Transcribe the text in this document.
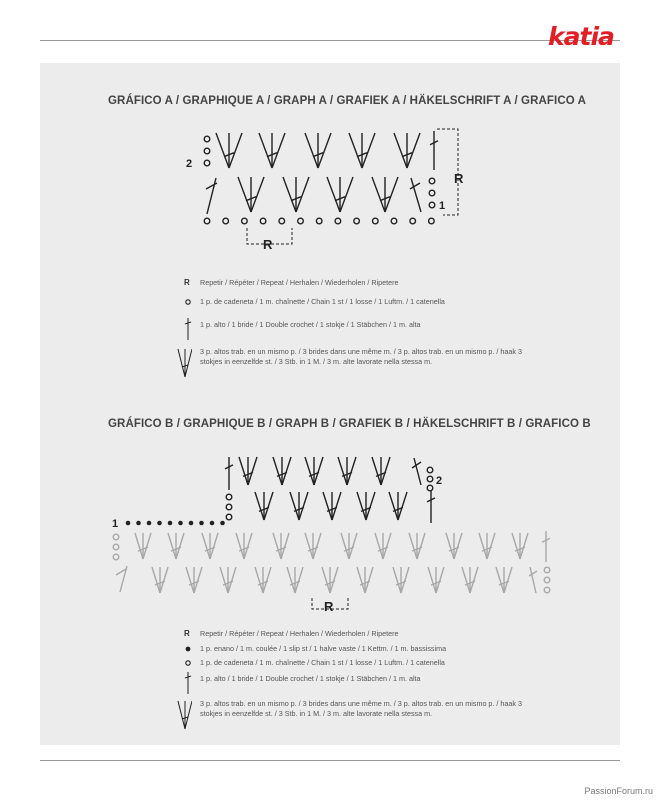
katia
GRÁFICO A / GRAPHIQUE A / GRAPH A / GRAFIEK A / HÄKELSCHRIFT A / GRAFICO A
GRÁFICO B / GRAPHIQUE B / GRAPH B / GRAFIEK B / HÄKELSCHRIFT B / GRAFICO B
2
1
R
R
2
1
R
R	Repetir / Répéter / Repeat / Herhalen / Wiederholen / Ripetere
1 p. de cadeneta / 1 m. chaînette / Chain 1 st / 1 losse / 1 Luftm. / 1 catenella
1 p. alto / 1 bride / 1 Double crochet / 1 stokje / 1 Stäbchen / 1 m. alta
3 p. altos trab. en un mismo p. / 3 brides dans une même m. / 3 p. altos trab. en un mismo p. / haak 3
stokjes in eenzelfde st. / 3 Stb. in 1 M. / 3 m. alte lavorate nella stessa m.
R	Repetir / Répéter / Repeat / Herhalen / Wiederholen / Ripetere
1 p. enano / 1 m. coulée / 1 slip st / 1 halve vaste / 1 Kettm. / 1 m. bassissima
1 p. de cadeneta / 1 m. chaînette / Chain 1 st / 1 losse / 1 Luftm. / 1 catenella
1 p. alto / 1 bride / 1 Double crochet / 1 stokje / 1 Stäbchen / 1 m. alta
3 p. altos trab. en un mismo p. / 3 brides dans une même m. / 3 p. altos trab. en un mismo p. / haak 3
stokjes in eenzelfde st. / 3 Stb. in 1 M. / 3 m. alte lavorate nella stessa m.
PassionForum.ru
